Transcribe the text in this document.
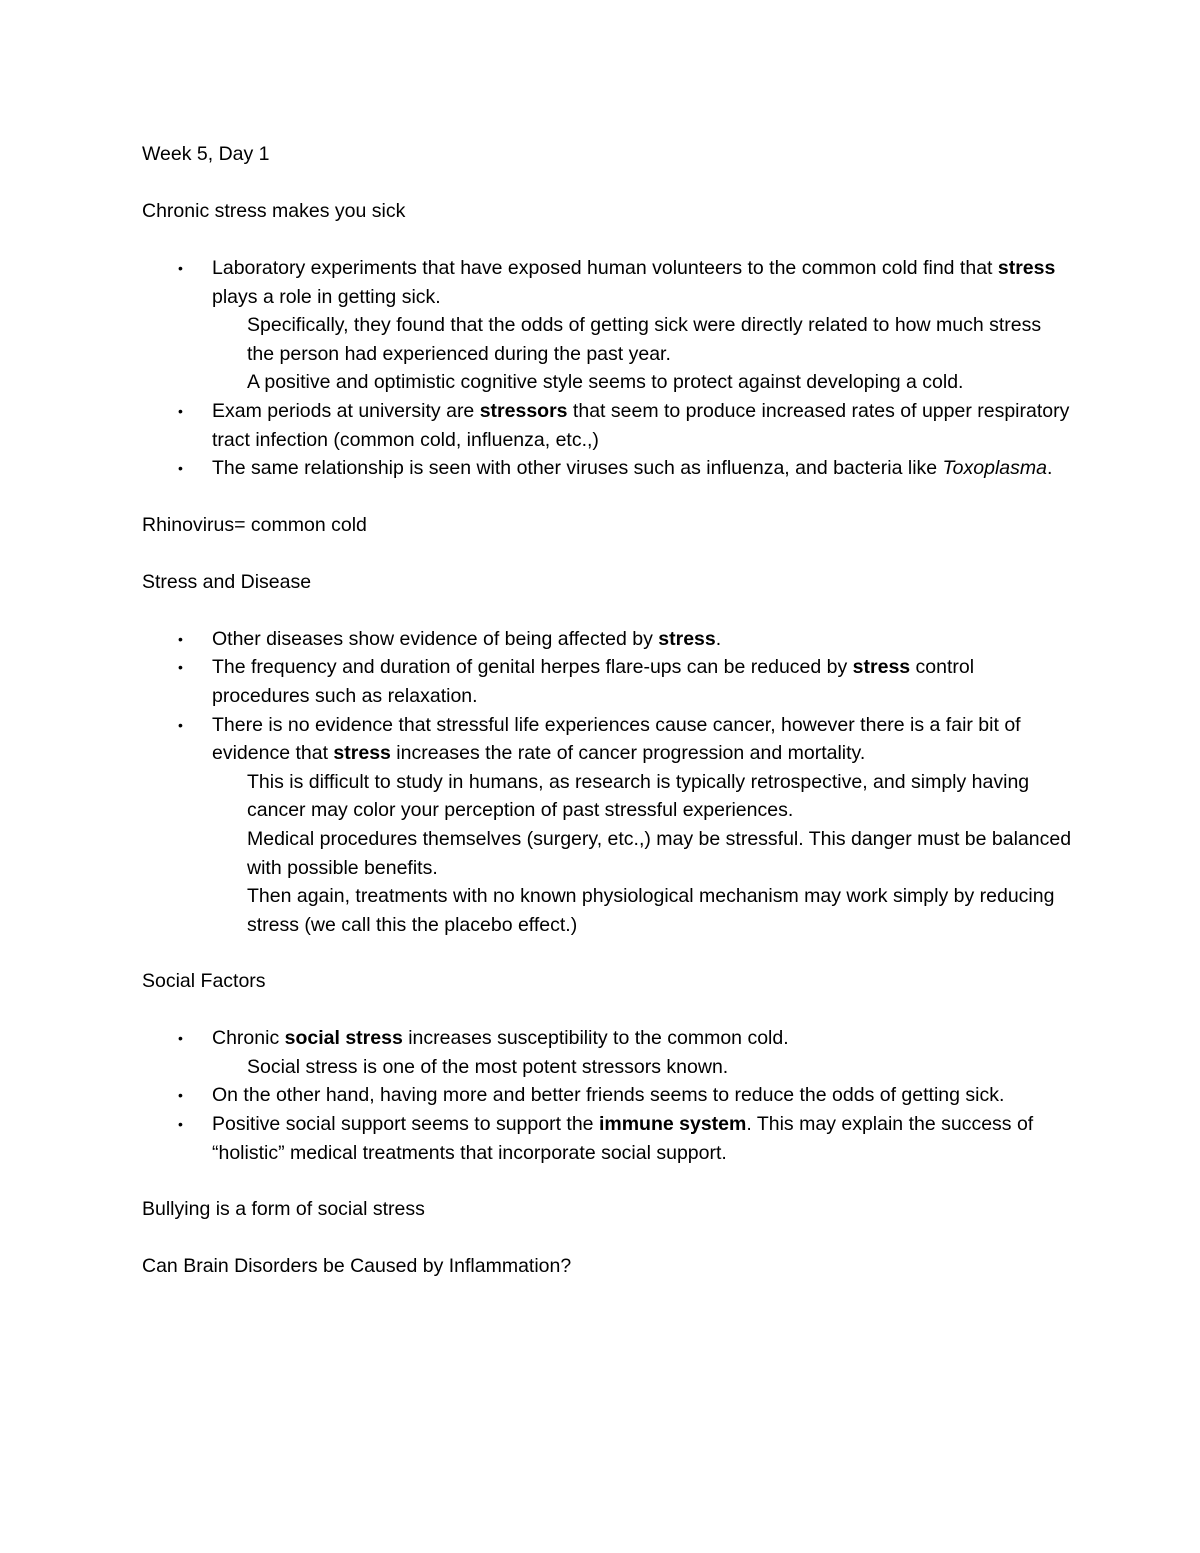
Week 5, Day 1
Chronic stress makes you sick
• Laboratory experiments that have exposed human volunteers to the common cold find that stress plays a role in getting sick.
Specifically, they found that the odds of getting sick were directly related to how much stress the person had experienced during the past year.
A positive and optimistic cognitive style seems to protect against developing a cold.
• Exam periods at university are stressors that seem to produce increased rates of upper respiratory tract infection (common cold, influenza, etc.,)
• The same relationship is seen with other viruses such as influenza, and bacteria like Toxoplasma.
Rhinovirus= common cold
Stress and Disease
• Other diseases show evidence of being affected by stress.
• The frequency and duration of genital herpes flare-ups can be reduced by stress control procedures such as relaxation.
• There is no evidence that stressful life experiences cause cancer, however there is a fair bit of evidence that stress increases the rate of cancer progression and mortality.
This is difficult to study in humans, as research is typically retrospective, and simply having cancer may color your perception of past stressful experiences.
Medical procedures themselves (surgery, etc.,) may be stressful. This danger must be balanced with possible benefits.
Then again, treatments with no known physiological mechanism may work simply by reducing stress (we call this the placebo effect.)
Social Factors
• Chronic social stress increases susceptibility to the common cold.
Social stress is one of the most potent stressors known.
• On the other hand, having more and better friends seems to reduce the odds of getting sick.
• Positive social support seems to support the immune system. This may explain the success of “holistic” medical treatments that incorporate social support.
Bullying is a form of social stress
Can Brain Disorders be Caused by Inflammation?
